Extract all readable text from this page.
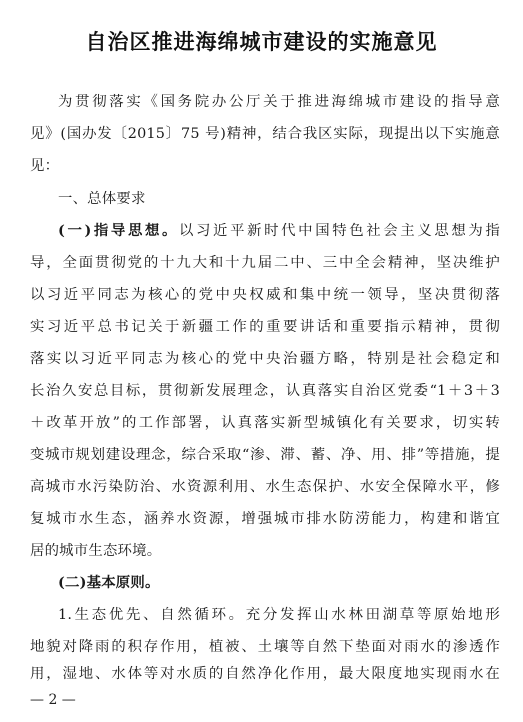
自治区推进海绵城市建设的实施意见
为贯彻落实《国务院办公厅关于推进海绵城市建设的指导意
见》(国办发〔2015〕75 号)精神，结合我区实际，现提出以下实施意
见：
一、总体要求
(一)指导思想。以习近平新时代中国特色社会主义思想为指
导，全面贯彻党的十九大和十九届二中、三中全会精神，坚决维护
以习近平同志为核心的党中央权威和集中统一领导，坚决贯彻落
实习近平总书记关于新疆工作的重要讲话和重要指示精神，贯彻
落实以习近平同志为核心的党中央治疆方略，特别是社会稳定和
长治久安总目标，贯彻新发展理念，认真落实自治区党委“1＋3＋3
＋改革开放”的工作部署，认真落实新型城镇化有关要求，切实转
变城市规划建设理念，综合采取“渗、滞、蓄、净、用、排”等措施，提
高城市水污染防治、水资源利用、水生态保护、水安全保障水平，修
复城市水生态，涵养水资源，增强城市排水防涝能力，构建和谐宜
居的城市生态环境。
(二)基本原则。
1.生态优先、自然循环。充分发挥山水林田湖草等原始地形
地貌对降雨的积存作用，植被、土壤等自然下垫面对雨水的渗透作
用，湿地、水体等对水质的自然净化作用，最大限度地实现雨水在
— 2 —
